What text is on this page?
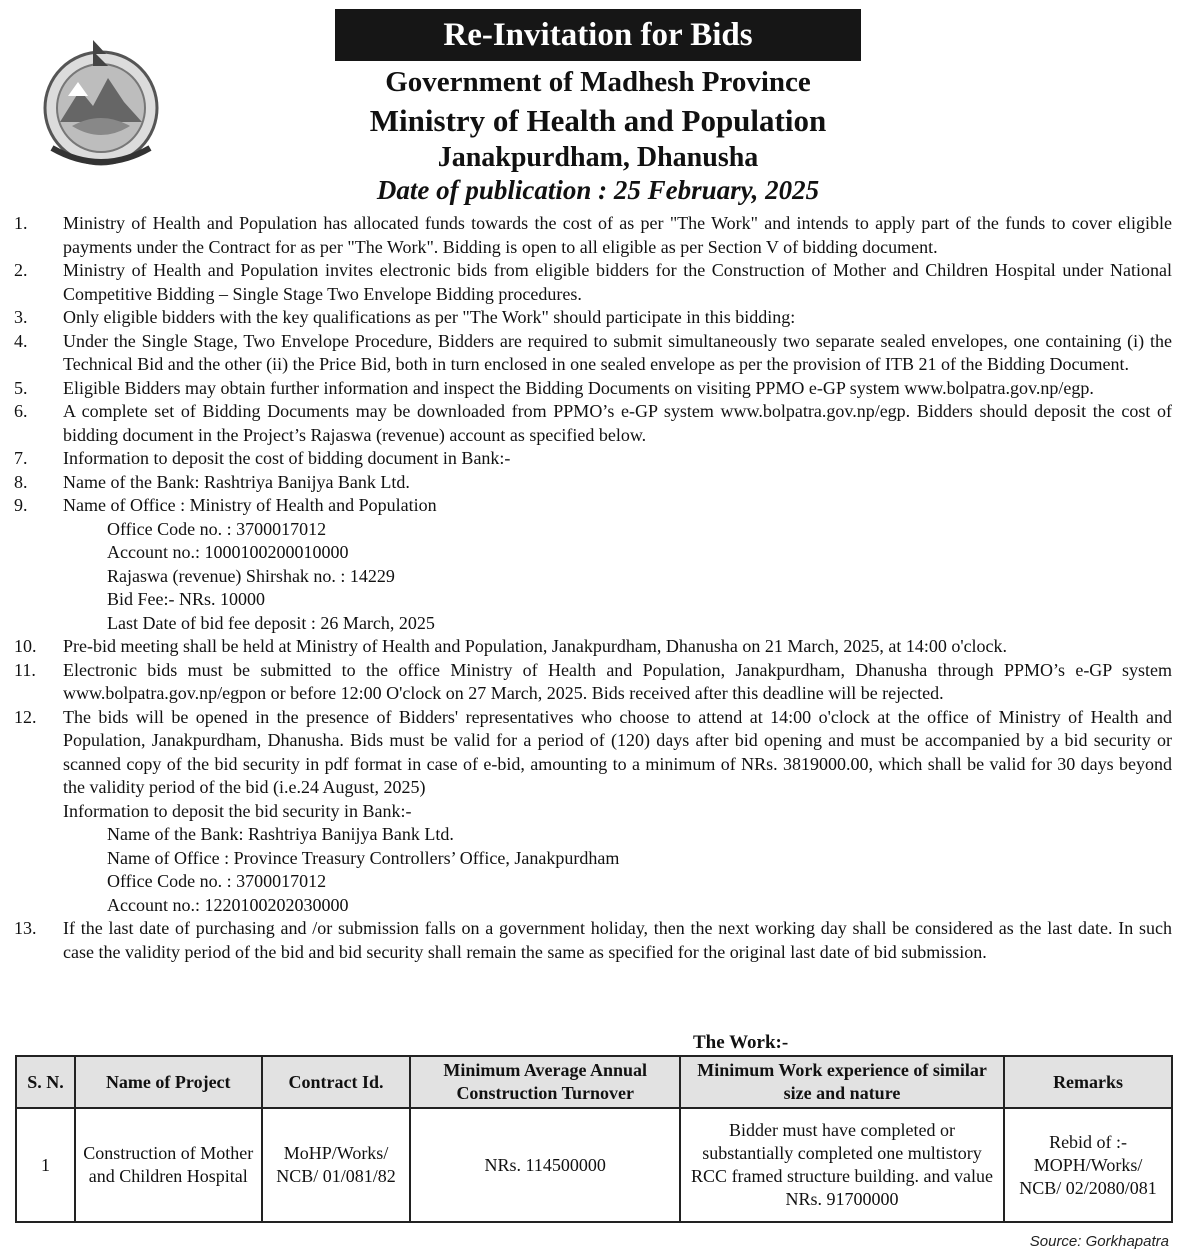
Re-Invitation for Bids
Government of Madhesh Province
Ministry of Health and Population
Janakpurdham, Dhanusha
Date of publication : 25 February, 2025
1.	Ministry of Health and Population has allocated funds towards the cost of as per "The Work" and intends to apply part of the funds to cover eligible payments under the Contract for as per "The Work". Bidding is open to all eligible as per Section V of bidding document.
2.	Ministry of Health and Population invites electronic bids from eligible bidders for the Construction of Mother and Children Hospital under National Competitive Bidding – Single Stage Two Envelope Bidding procedures.
3.	Only eligible bidders with the key qualifications as per "The Work" should participate in this bidding:
4.	Under the Single Stage, Two Envelope Procedure, Bidders are required to submit simultaneously two separate sealed envelopes, one containing (i) the Technical Bid and the other (ii) the Price Bid, both in turn enclosed in one sealed envelope as per the provision of ITB 21 of the Bidding Document.
5.	Eligible Bidders may obtain further information and inspect the Bidding Documents on visiting PPMO e-GP system www.bolpatra.gov.np/egp.
6.	A complete set of Bidding Documents may be downloaded from PPMO’s e-GP system www.bolpatra.gov.np/egp. Bidders should deposit the cost of bidding document in the Project’s Rajaswa (revenue) account as specified below.
7.	Information to deposit the cost of bidding document in Bank:-
8.	Name of the Bank: Rashtriya Banijya Bank Ltd.
9.	Name of Office : Ministry of Health and Population
Office Code no. : 3700017012
Account no.: 1000100200010000
Rajaswa (revenue) Shirshak no. : 14229
Bid Fee:- NRs. 10000
Last Date of bid fee deposit : 26 March, 2025
10.	Pre-bid meeting shall be held at Ministry of Health and Population, Janakpurdham, Dhanusha on 21 March, 2025, at 14:00 o'clock.
11.	Electronic bids must be submitted to the office Ministry of Health and Population, Janakpurdham, Dhanusha through PPMO’s e-GP system www.bolpatra.gov.np/egpon or before 12:00 O'clock on 27 March, 2025. Bids received after this deadline will be rejected.
12.	The bids will be opened in the presence of Bidders' representatives who choose to attend at 14:00 o'clock at the office of Ministry of Health and Population, Janakpurdham, Dhanusha. Bids must be valid for a period of (120) days after bid opening and must be accompanied by a bid security or scanned copy of the bid security in pdf format in case of e-bid, amounting to a minimum of NRs. 3819000.00, which shall be valid for 30 days beyond the validity period of the bid (i.e.24 August, 2025)
Information to deposit the bid security in Bank:-
Name of the Bank: Rashtriya Banijya Bank Ltd.
Name of Office : Province Treasury Controllers’ Office, Janakpurdham
Office Code no. : 3700017012
Account no.: 1220100202030000
13.	If the last date of purchasing and /or submission falls on a government holiday, then the next working day shall be considered as the last date. In such case the validity period of the bid and bid security shall remain the same as specified for the original last date of bid submission.
The Work:-
S. N.	Name of Project	Contract Id.	Minimum Average Annual Construction Turnover	Minimum Work experience of similar size and nature	Remarks
1	Construction of Mother and Children Hospital	MoHP/Works/ NCB/ 01/081/82	NRs. 114500000	Bidder must have completed or substantially completed one multistory RCC framed structure building. and value NRs. 91700000	Rebid of :- MOPH/Works/ NCB/ 02/2080/081
Source: Gorkhapatra
